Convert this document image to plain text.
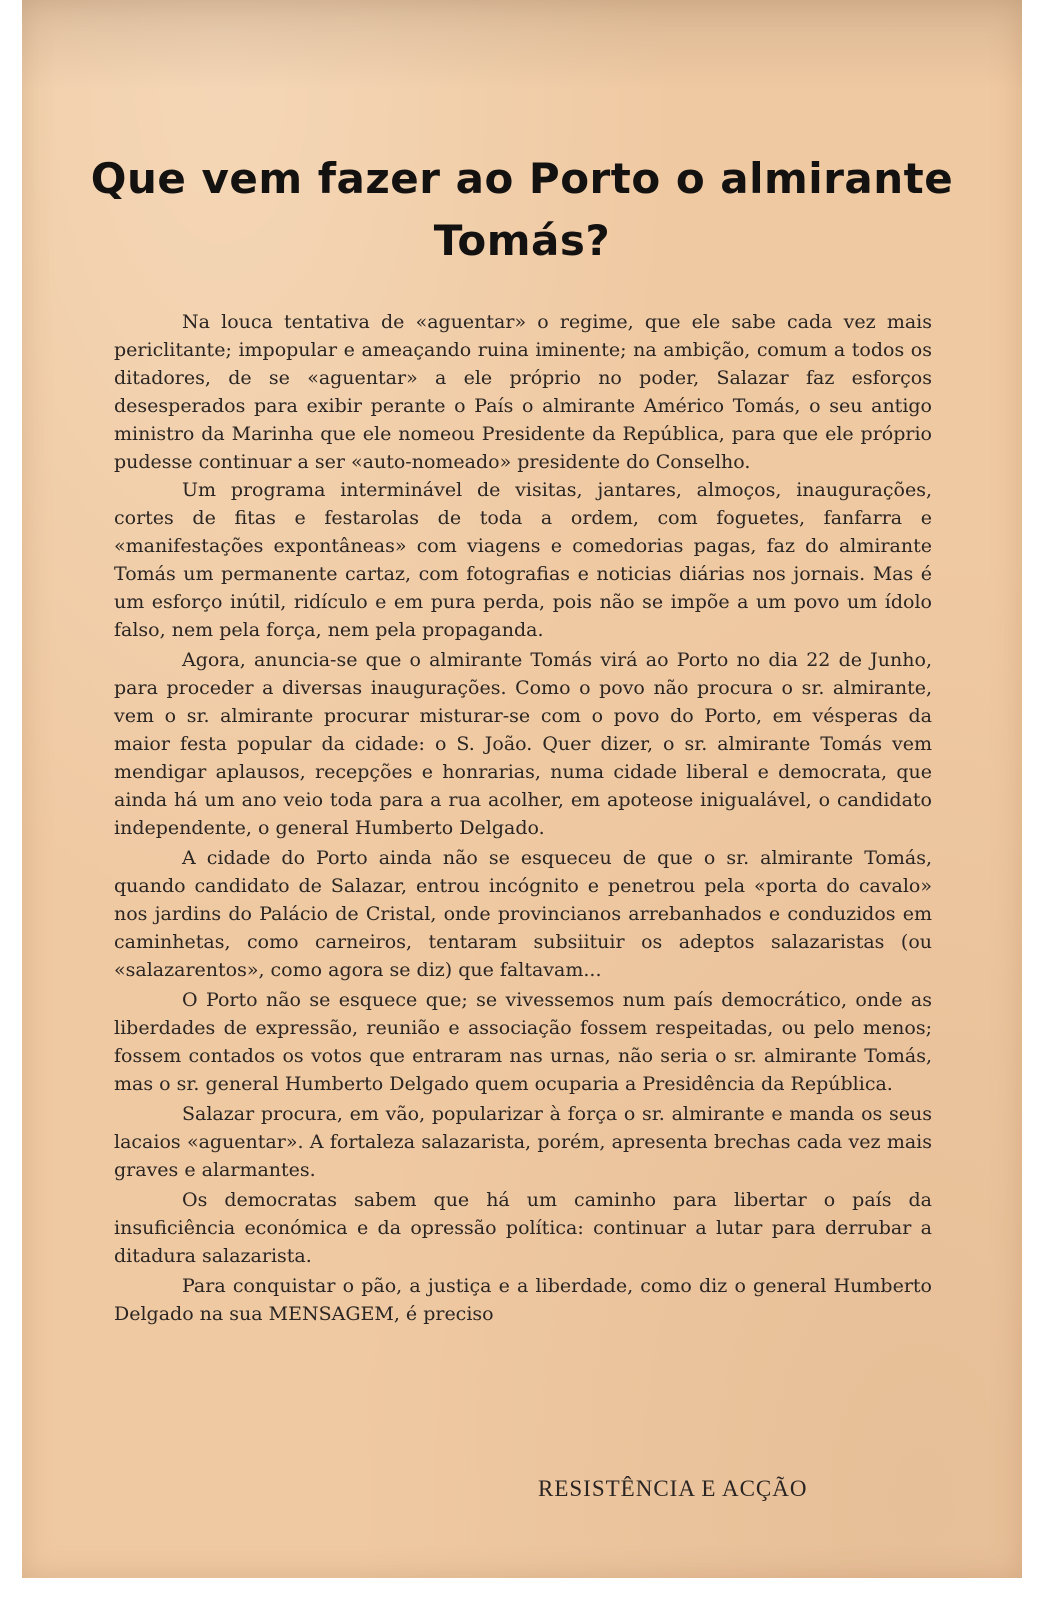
Que vem fazer ao Porto o almirante
Tomás?

Na louca tentativa de «aguentar» o regime, que ele sabe cada vez mais periclitante; impopular e ameaçando ruina iminente; na ambição, comum a todos os ditadores, de se «aguentar» a ele próprio no poder, Salazar faz esforços desesperados para exibir perante o País o almirante Américo Tomás, o seu antigo ministro da Marinha que ele nomeou Presidente da República, para que ele próprio pudesse continuar a ser «auto-nomeado» presidente do Conselho.

Um programa interminável de visitas, jantares, almoços, inaugurações, cortes de fitas e festarolas de toda a ordem, com foguetes, fanfarra e «manifestações expontâneas» com viagens e comedorias pagas, faz do almirante Tomás um permanente cartaz, com fotografias e noticias diárias nos jornais. Mas é um esforço inútil, ridículo e em pura perda, pois não se impõe a um povo um ídolo falso, nem pela força, nem pela propaganda.

Agora, anuncia-se que o almirante Tomás virá ao Porto no dia 22 de Junho, para proceder a diversas inaugurações. Como o povo não procura o sr. almirante, vem o sr. almirante procurar misturar-se com o povo do Porto, em vésperas da maior festa popular da cidade: o S. João. Quer dizer, o sr. almirante Tomás vem mendigar aplausos, recepções e honrarias, numa cidade liberal e democrata, que ainda há um ano veio toda para a rua acolher, em apoteose inigualável, o candidato independente, o general Humberto Delgado.

A cidade do Porto ainda não se esqueceu de que o sr. almirante Tomás, quando candidato de Salazar, entrou incógnito e penetrou pela «porta do cavalo» nos jardins do Palácio de Cristal, onde provincianos arrebanhados e conduzidos em caminhetas, como carneiros, tentaram subsiituir os adeptos salazaristas (ou «salazarentos», como agora se diz) que faltavam...

O Porto não se esquece que; se vivessemos num país democrático, onde as liberdades de expressão, reunião e associação fossem respeitadas, ou pelo menos; fossem contados os votos que entraram nas urnas, não seria o sr. almirante Tomás, mas o sr. general Humberto Delgado quem ocuparia a Presidência da República.

Salazar procura, em vão, popularizar à força o sr. almirante e manda os seus lacaios «aguentar». A fortaleza salazarista, porém, apresenta brechas cada vez mais graves e alarmantes.

Os democratas sabem que há um caminho para libertar o país da insuficiência económica e da opressão política: continuar a lutar para derrubar a ditadura salazarista.

Para conquistar o pão, a justiça e a liberdade, como diz o general Humberto Delgado na sua MENSAGEM, é preciso

RESISTÊNCIA E ACÇÃO
